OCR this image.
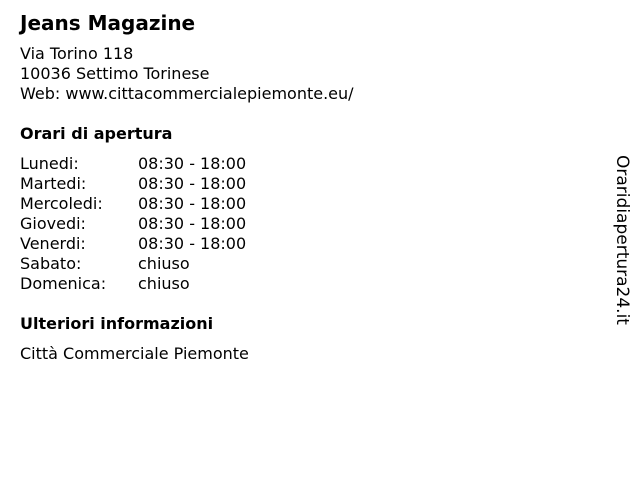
Jeans Magazine
Via Torino 118
10036 Settimo Torinese
Web: www.cittacommercialepiemonte.eu/
Orari di apertura
Lunedi:	08:30 - 18:00
Martedi:	08:30 - 18:00
Mercoledi:	08:30 - 18:00
Giovedi:	08:30 - 18:00
Venerdi:	08:30 - 18:00
Sabato:	chiuso
Domenica:	chiuso
Ulteriori informazioni
Città Commerciale Piemonte
Oraridiapertura24.it
